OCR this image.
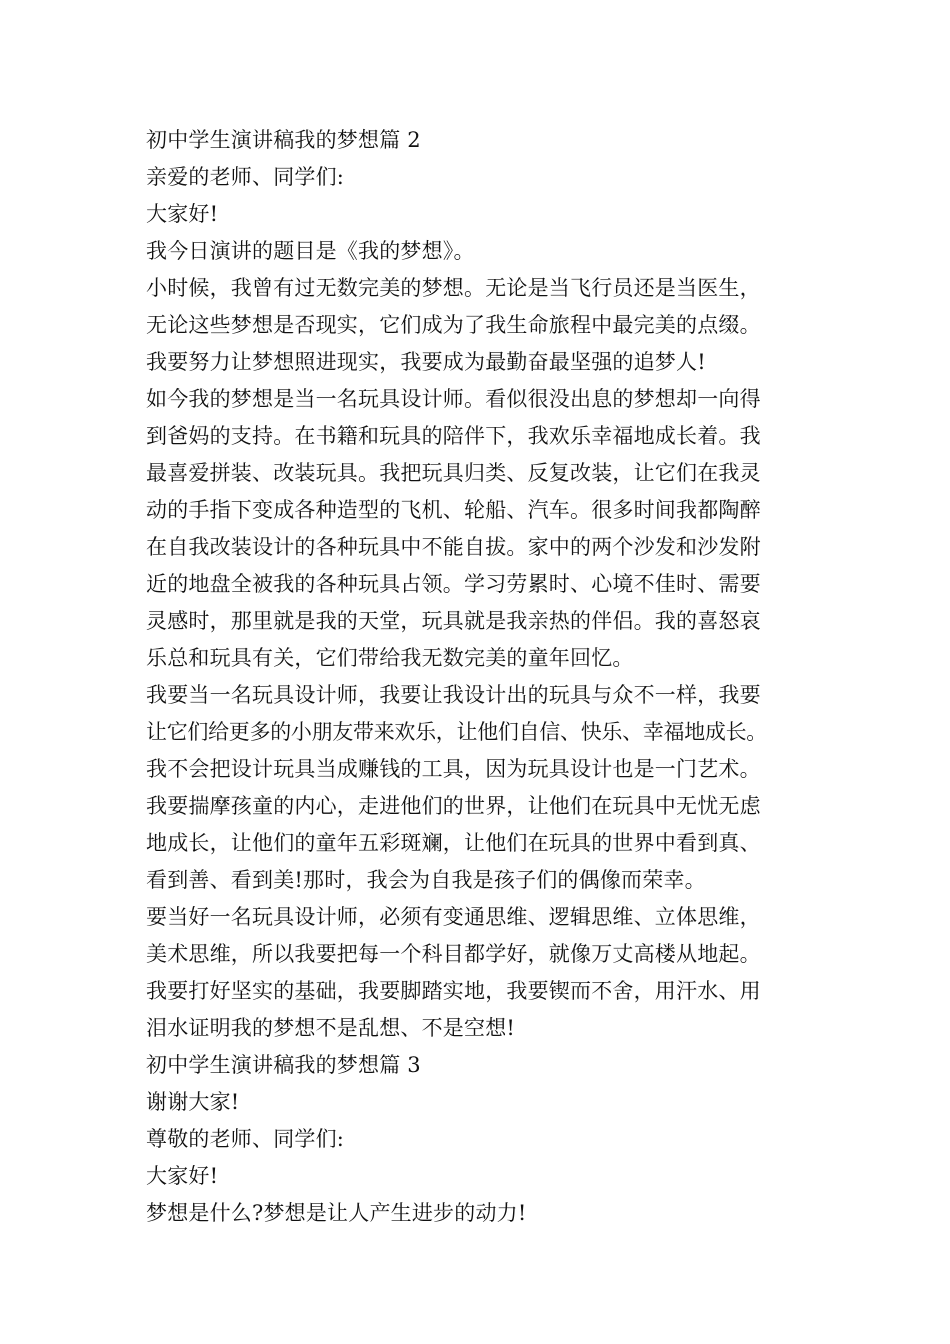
初中学生演讲稿我的梦想篇 2
亲爱的老师、同学们:
大家好!
我今日演讲的题目是《我的梦想》。
小时候，我曾有过无数完美的梦想。无论是当飞行员还是当医生，
无论这些梦想是否现实，它们成为了我生命旅程中最完美的点缀。
我要努力让梦想照进现实，我要成为最勤奋最坚强的追梦人!
如今我的梦想是当一名玩具设计师。看似很没出息的梦想却一向得
到爸妈的支持。在书籍和玩具的陪伴下，我欢乐幸福地成长着。我
最喜爱拼装、改装玩具。我把玩具归类、反复改装，让它们在我灵
动的手指下变成各种造型的飞机、轮船、汽车。很多时间我都陶醉
在自我改装设计的各种玩具中不能自拔。家中的两个沙发和沙发附
近的地盘全被我的各种玩具占领。学习劳累时、心境不佳时、需要
灵感时，那里就是我的天堂，玩具就是我亲热的伴侣。我的喜怒哀
乐总和玩具有关，它们带给我无数完美的童年回忆。
我要当一名玩具设计师，我要让我设计出的玩具与众不一样，我要
让它们给更多的小朋友带来欢乐，让他们自信、快乐、幸福地成长。
我不会把设计玩具当成赚钱的工具，因为玩具设计也是一门艺术。
我要揣摩孩童的内心，走进他们的世界，让他们在玩具中无忧无虑
地成长，让他们的童年五彩斑斓，让他们在玩具的世界中看到真、
看到善、看到美!那时，我会为自我是孩子们的偶像而荣幸。
要当好一名玩具设计师，必须有变通思维、逻辑思维、立体思维，
美术思维，所以我要把每一个科目都学好，就像万丈高楼从地起。
我要打好坚实的基础，我要脚踏实地，我要锲而不舍，用汗水、用
泪水证明我的梦想不是乱想、不是空想!
初中学生演讲稿我的梦想篇 3
谢谢大家!
尊敬的老师、同学们:
大家好!
梦想是什么?梦想是让人产生进步的动力!
